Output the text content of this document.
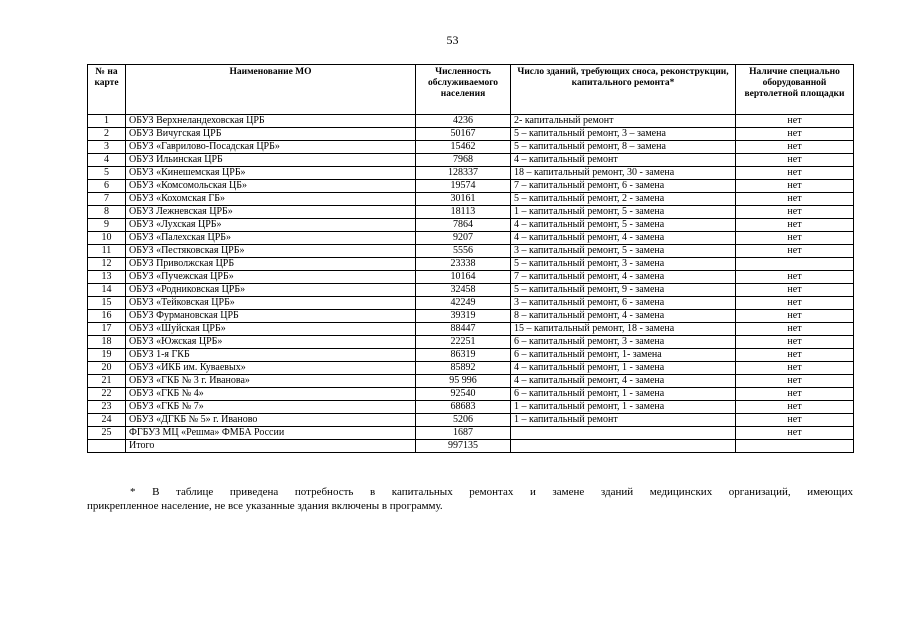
53
№ на карте	Наименование МО	Численность обслуживаемого населения	Число зданий, требующих сноса, реконструкции, капитального ремонта*	Наличие специально оборудованной вертолетной площадки
1	ОБУЗ Верхнеландеховская ЦРБ	4236	2- капитальный ремонт	нет
2	ОБУЗ Вичугская ЦРБ	50167	5 – капитальный ремонт, 3 – замена	нет
3	ОБУЗ «Гаврилово-Посадская ЦРБ»	15462	5 – капитальный ремонт, 8 – замена	нет
4	ОБУЗ Ильинская ЦРБ	7968	4 – капитальный ремонт	нет
5	ОБУЗ «Кинешемская ЦРБ»	128337	18 – капитальный ремонт, 30 - замена	нет
6	ОБУЗ «Комсомольская ЦБ»	19574	7 – капитальный ремонт, 6 - замена	нет
7	ОБУЗ «Кохомская ГБ»	30161	5 – капитальный ремонт, 2 - замена	нет
8	ОБУЗ Лежневская ЦРБ»	18113	1 – капитальный ремонт, 5 - замена	нет
9	ОБУЗ «Лухская ЦРБ»	7864	4 – капитальный ремонт, 5 - замена	нет
10	ОБУЗ «Палехская ЦРБ»	9207	4 – капитальный ремонт, 4 - замена	нет
11	ОБУЗ «Пестяковская ЦРБ»	5556	3 – капитальный ремонт, 5 - замена	нет
12	ОБУЗ Приволжская ЦРБ	23338	5 – капитальный ремонт, 3 - замена	
13	ОБУЗ «Пучежская ЦРБ»	10164	7 – капитальный ремонт, 4 - замена	нет
14	ОБУЗ «Родниковская ЦРБ»	32458	5 – капитальный ремонт, 9 - замена	нет
15	ОБУЗ «Тейковская ЦРБ»	42249	3 – капитальный ремонт, 6 - замена	нет
16	ОБУЗ Фурмановская ЦРБ	39319	8 – капитальный ремонт, 4 - замена	нет
17	ОБУЗ «Шуйская ЦРБ»	88447	15 – капитальный ремонт, 18 - замена	нет
18	ОБУЗ «Южская ЦРБ»	22251	6 – капитальный ремонт, 3 - замена	нет
19	ОБУЗ 1-я ГКБ	86319	6 – капитальный ремонт, 1- замена	нет
20	ОБУЗ «ИКБ им. Куваевых»	85892	4 – капитальный ремонт, 1 - замена	нет
21	ОБУЗ «ГКБ № 3 г. Иванова»	95 996	4 – капитальный ремонт, 4 - замена	нет
22	ОБУЗ «ГКБ № 4»	92540	6 – капитальный ремонт, 1 - замена	нет
23	ОБУЗ «ГКБ № 7»	68683	1 – капитальный ремонт, 1 - замена	нет
24	ОБУЗ «ДГКБ № 5» г. Иваново	5206	1 – капитальный ремонт	нет
25	ФГБУЗ МЦ «Решма» ФМБА России	1687		нет
	Итого	997135		
* В таблице приведена потребность в капитальных ремонтах и замене зданий медицинских организаций, имеющих
прикрепленное население, не все указанные здания включены в программу.
